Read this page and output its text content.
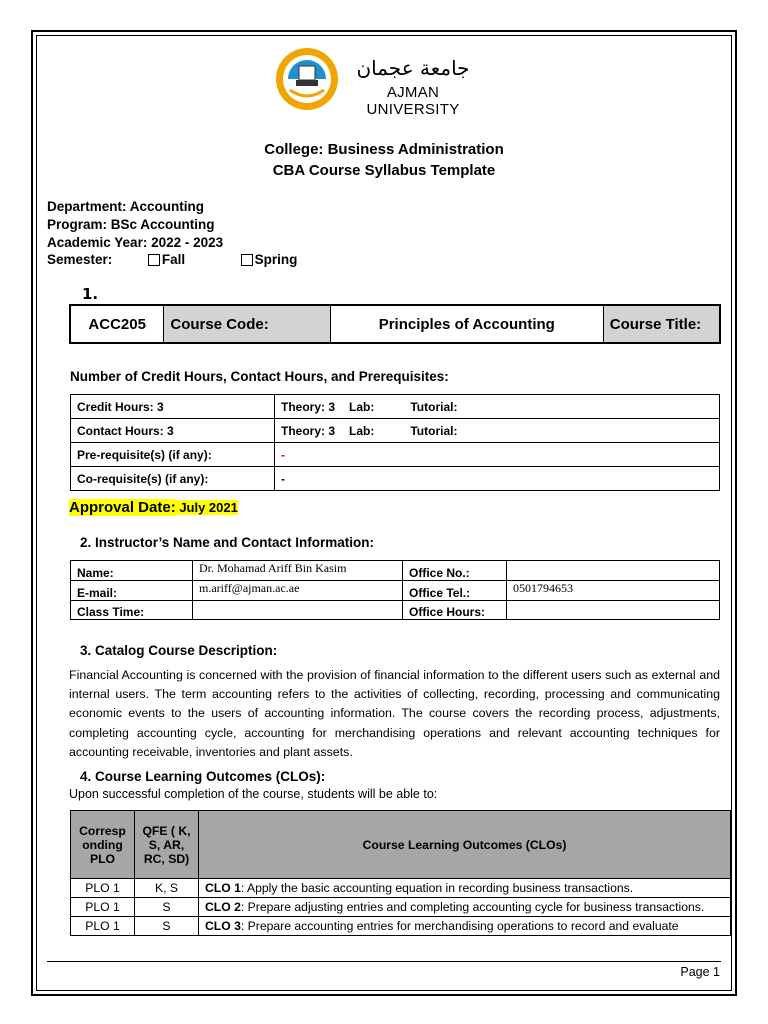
جامعة عجمان
AJMAN UNIVERSITY
College: Business Administration
CBA Course Syllabus Template
Department: Accounting
Program: BSc Accounting
Academic Year: 2022 - 2023
Semester:	Fall	Spring
1.
ACC205	Course Code:	Principles of Accounting	Course Title:
Number of Credit Hours, Contact Hours, and Prerequisites:
Credit Hours: 3	Theory: 3 Lab: Tutorial:
Contact Hours: 3	Theory: 3 Lab: Tutorial:
Pre-requisite(s) (if any):	-
Co-requisite(s) (if any):	-
Approval Date: July 2021
2. Instructor’s Name and Contact Information:
Name:	Dr. Mohamad Ariff Bin Kasim	Office No.:	
E-mail:	m.ariff@ajman.ac.ae	Office Tel.:	0501794653
Class Time:		Office Hours:	
3. Catalog Course Description:
Financial Accounting is concerned with the provision of financial information to the different users such as external and internal users. The term accounting refers to the activities of collecting, recording, processing and communicating economic events to the users of accounting information. The course covers the recording process, adjustments, completing accounting cycle, accounting for merchandising operations and relevant accounting techniques for accounting receivable, inventories and plant assets.
4. Course Learning Outcomes (CLOs):
Upon successful completion of the course, students will be able to:
Corresp onding PLO	QFE ( K, S, AR, RC, SD)	Course Learning Outcomes (CLOs)
PLO 1	K, S	CLO 1: Apply the basic accounting equation in recording business transactions.
PLO 1	S	CLO 2: Prepare adjusting entries and completing accounting cycle for business transactions.
PLO 1	S	CLO 3: Prepare accounting entries for merchandising operations to record and evaluate
Page 1
